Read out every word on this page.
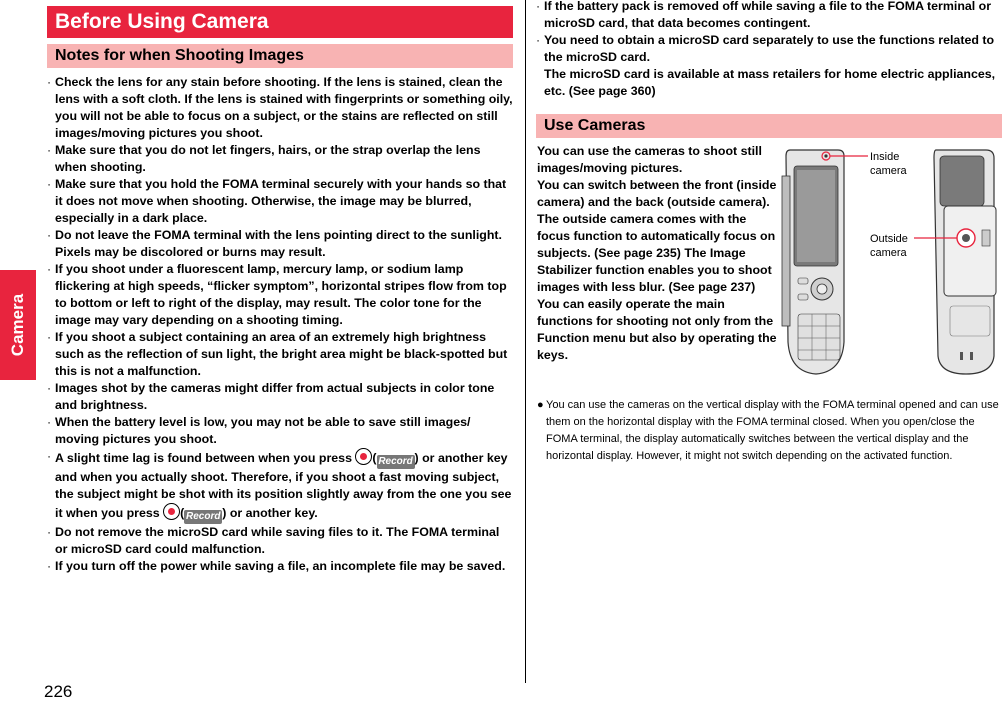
Camera
226
Before Using Camera
Notes for when Shooting Images
· Check the lens for any stain before shooting. If the lens is stained, clean the lens with a soft cloth. If the lens is stained with fingerprints or something oily, you will not be able to focus on a subject, or the stains are reflected on still images/moving pictures you shoot.
· Make sure that you do not let fingers, hairs, or the strap overlap the lens when shooting.
· Make sure that you hold the FOMA terminal securely with your hands so that it does not move when shooting. Otherwise, the image may be blurred, especially in a dark place.
· Do not leave the FOMA terminal with the lens pointing direct to the sunlight. Pixels may be discolored or burns may result.
· If you shoot under a fluorescent lamp, mercury lamp, or sodium lamp flickering at high speeds, “flicker symptom”, horizontal stripes flow from top to bottom or left to right of the display, may result. The color tone for the image may vary depending on a shooting timing.
· If you shoot a subject containing an area of an extremely high brightness such as the reflection of sun light, the bright area might be black-spotted but this is not a malfunction.
· Images shot by the cameras might differ from actual subjects in color tone and brightness.
· When the battery level is low, you may not be able to save still images/ moving pictures you shoot.
· A slight time lag is found between when you press ( Record ) or another key and when you actually shoot. Therefore, if you shoot a fast moving subject, the subject might be shot with its position slightly away from the one you see it when you press ( Record ) or another key.
· Do not remove the microSD card while saving files to it. The FOMA terminal or microSD card could malfunction.
· If you turn off the power while saving a file, an incomplete file may be saved.
· If the battery pack is removed off while saving a file to the FOMA terminal or microSD card, that data becomes contingent.
· You need to obtain a microSD card separately to use the functions related to the microSD card.
The microSD card is available at mass retailers for home electric appliances, etc. (See page 360)
Use Cameras
You can use the cameras to shoot still images/moving pictures.
You can switch between the front (inside camera) and the back (outside camera).
The outside camera comes with the focus function to automatically focus on subjects. (See page 235) The Image Stabilizer function enables you to shoot images with less blur. (See page 237)
You can easily operate the main functions for shooting not only from the Function menu but also by operating the keys.
Inside
camera
Outside
camera
● You can use the cameras on the vertical display with the FOMA terminal opened and can use them on the horizontal display with the FOMA terminal closed. When you open/close the FOMA terminal, the display automatically switches between the vertical display and the horizontal display. However, it might not switch depending on the activated function.
